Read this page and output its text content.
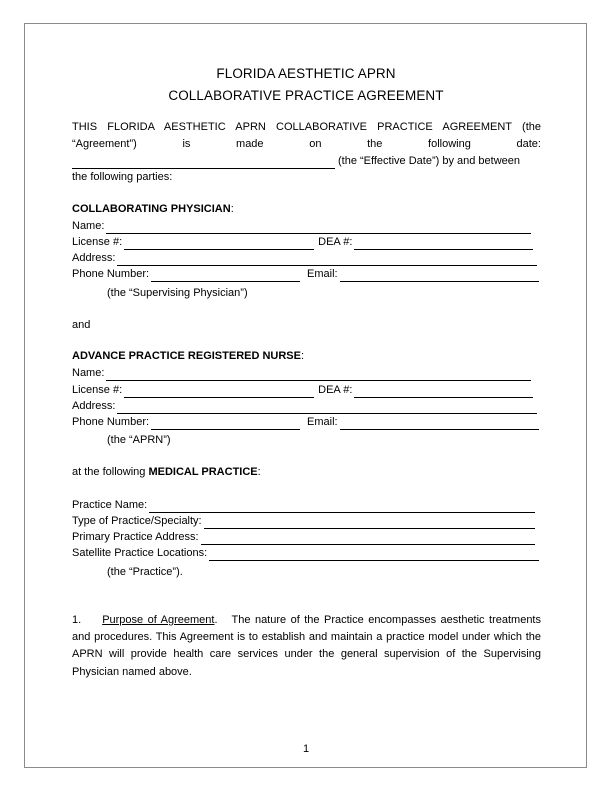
FLORIDA AESTHETIC APRN
COLLABORATIVE PRACTICE AGREEMENT
THIS FLORIDA AESTHETIC APRN COLLABORATIVE PRACTICE AGREEMENT (the
“Agreement”)	is	made	on	the	following	date:
(the “Effective Date”) by and between
the following parties:
COLLABORATING PHYSICIAN:
Name:
License #:	DEA #:
Address:
Phone Number:	Email:
(the “Supervising Physician”)
and
ADVANCE PRACTICE REGISTERED NURSE:
Name:
License #:	DEA #:
Address:
Phone Number:	Email:
(the “APRN”)
at the following MEDICAL PRACTICE:
Practice Name:
Type of Practice/Specialty:
Primary Practice Address:
Satellite Practice Locations:
(the “Practice”).
1. Purpose of Agreement. The nature of the Practice encompasses aesthetic treatments and procedures. This Agreement is to establish and maintain a practice model under which the APRN will provide health care services under the general supervision of the Supervising Physician named above.
1
